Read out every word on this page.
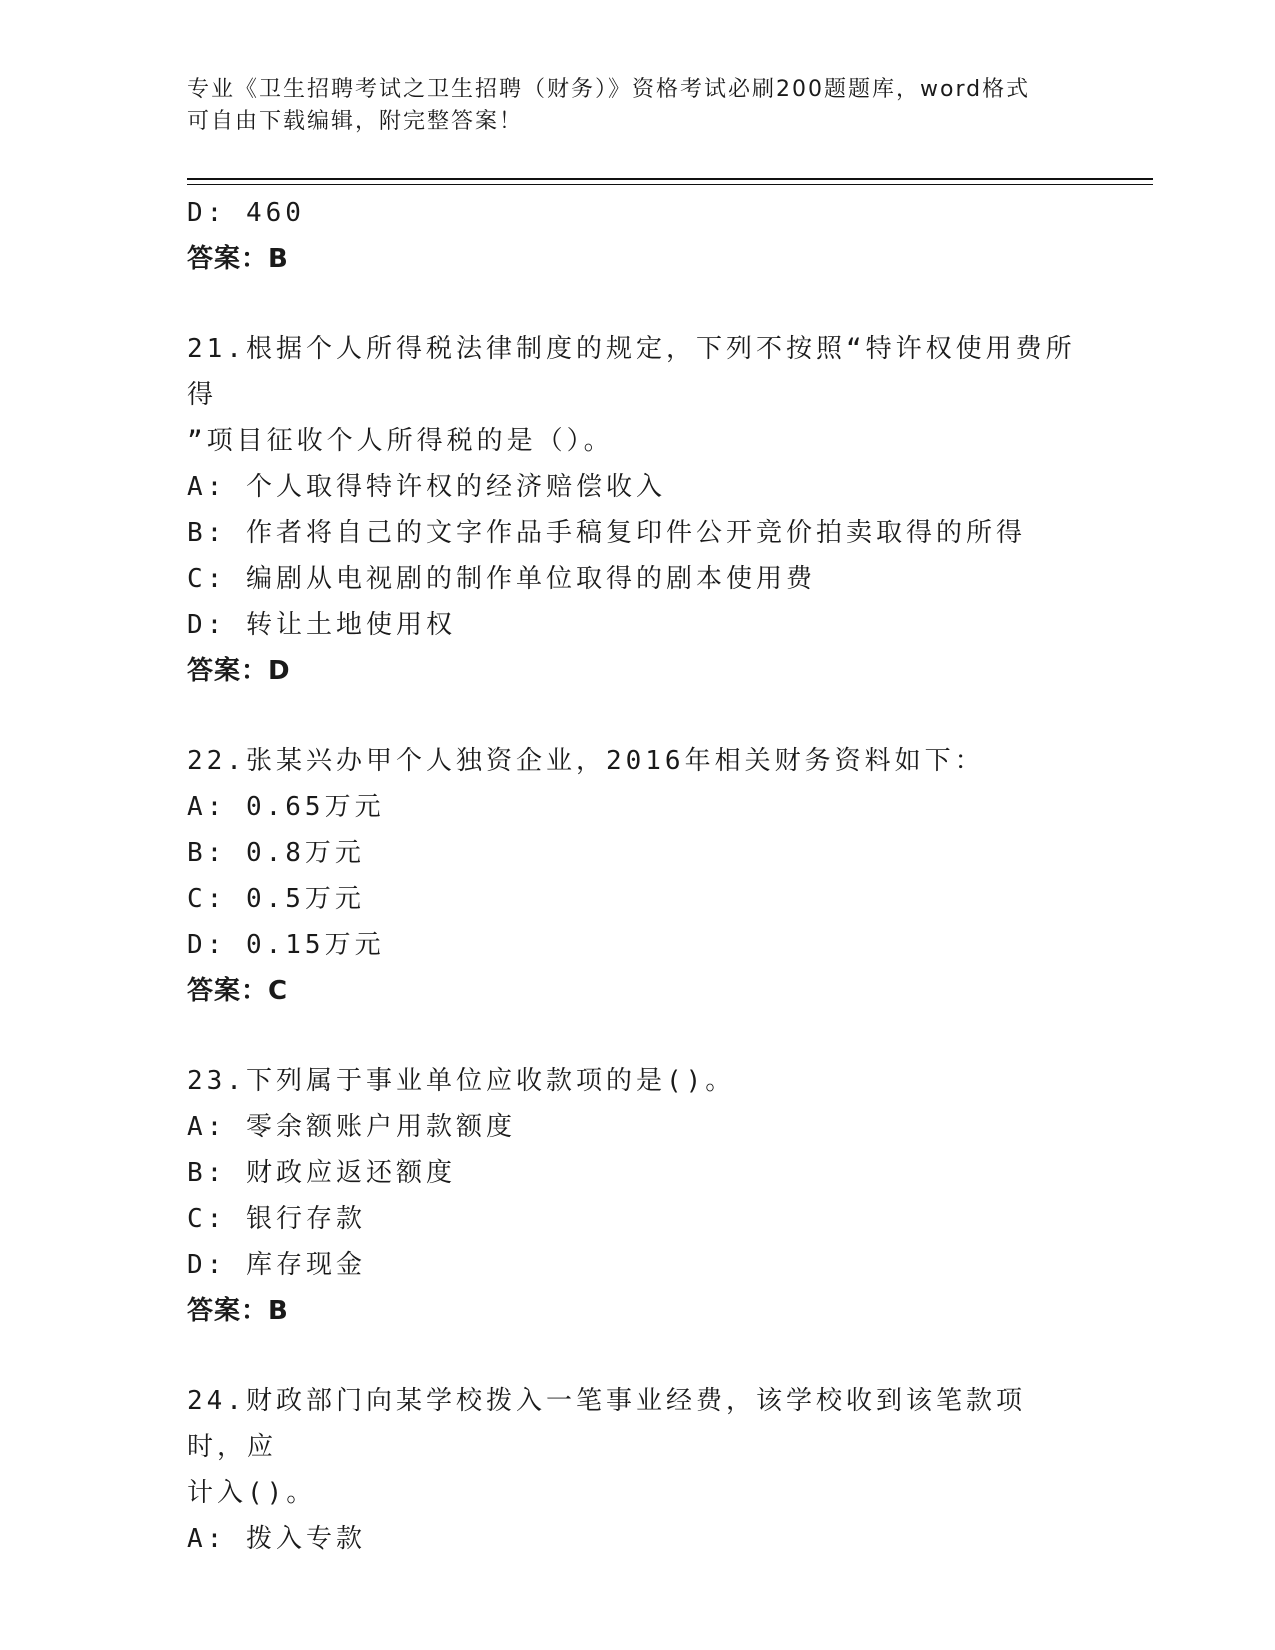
专业《卫生招聘考试之卫生招聘（财务）》资格考试必刷200题题库，word格式
可自由下载编辑，附完整答案！
D: 460
答案：B
21.根据个人所得税法律制度的规定，下列不按照“特许权使用费所得
”项目征收个人所得税的是（）。
A: 个人取得特许权的经济赔偿收入
B: 作者将自己的文字作品手稿复印件公开竞价拍卖取得的所得
C: 编剧从电视剧的制作单位取得的剧本使用费
D: 转让土地使用权
答案：D
22.张某兴办甲个人独资企业，2016年相关财务资料如下：
A: 0.65万元
B: 0.8万元
C: 0.5万元
D: 0.15万元
答案：C
23.下列属于事业单位应收款项的是()。
A: 零余额账户用款额度
B: 财政应返还额度
C: 银行存款
D: 库存现金
答案：B
24.财政部门向某学校拨入一笔事业经费，该学校收到该笔款项时，应
计入()。
A: 拨入专款
